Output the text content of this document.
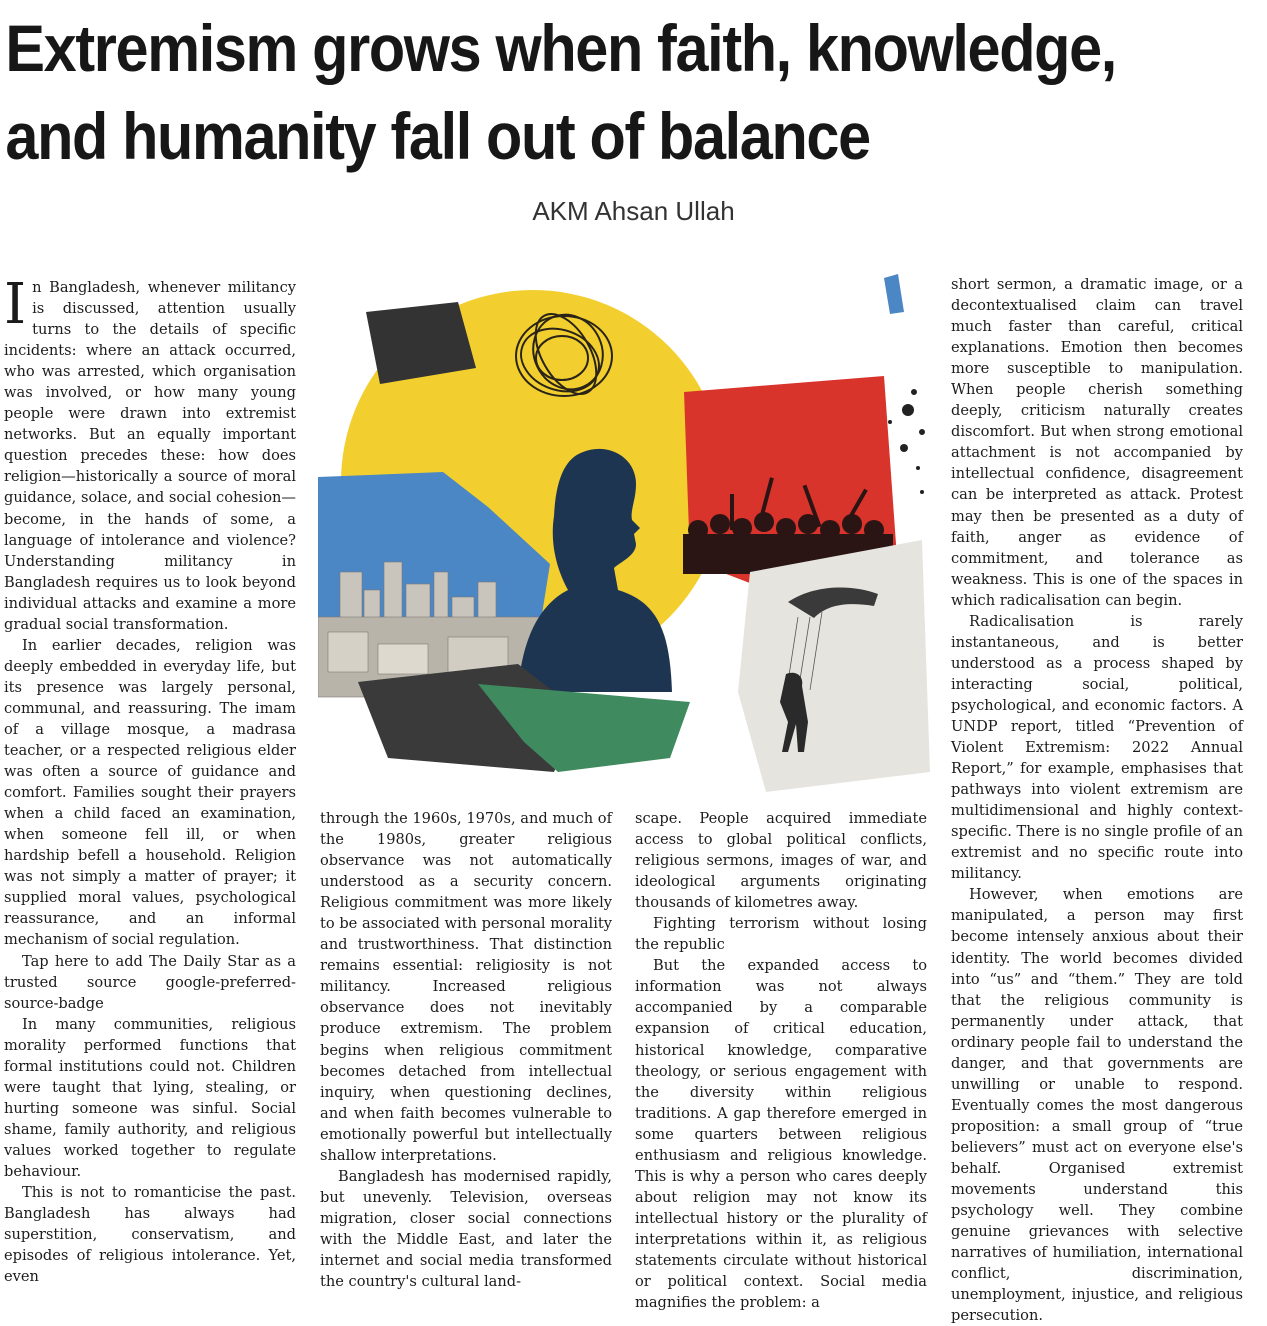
Extremism grows when faith, knowledge,
and humanity fall out of balance
AKM Ahsan Ullah

In Bangladesh, whenever militancy is discussed, attention usually turns to the details of specific incidents: where an attack occurred, who was arrested, which organisation was involved, or how many young people were drawn into extremist networks. But an equally important question precedes these: how does religion—historically a source of moral guidance, solace, and social cohesion—become, in the hands of some, a language of intolerance and violence? Understanding militancy in Bangladesh requires us to look beyond individual attacks and examine a more gradual social transformation.

In earlier decades, religion was deeply embedded in everyday life, but its presence was largely personal, communal, and reassuring. The imam of a village mosque, a madrasa teacher, or a respected religious elder was often a source of guidance and comfort. Families sought their prayers when a child faced an examination, when someone fell ill, or when hardship befell a household. Religion was not simply a matter of prayer; it supplied moral values, psychological reassurance, and an informal mechanism of social regulation.

Tap here to add The Daily Star as a trusted source google-preferred-source-badge

In many communities, religious morality performed functions that formal institutions could not. Children were taught that lying, stealing, or hurting someone was sinful. Social shame, family authority, and religious values worked together to regulate behaviour.

This is not to romanticise the past. Bangladesh has always had superstition, conservatism, and episodes of religious intolerance. Yet, even

through the 1960s, 1970s, and much of the 1980s, greater religious observance was not automatically understood as a security concern. Religious commitment was more likely to be associated with personal morality and trustworthiness. That distinction remains essential: religiosity is not militancy. Increased religious observance does not inevitably produce extremism. The problem begins when religious commitment becomes detached from intellectual inquiry, when questioning declines, and when faith becomes vulnerable to emotionally powerful but intellectually shallow interpretations.

Bangladesh has modernised rapidly, but unevenly. Television, overseas migration, closer social connections with the Middle East, and later the internet and social media transformed the country's cultural land-

scape. People acquired immediate access to global political conflicts, religious sermons, images of war, and ideological arguments originating thousands of kilometres away.

Fighting terrorism without losing the republic

But the expanded access to information was not always accompanied by a comparable expansion of critical education, historical knowledge, comparative theology, or serious engagement with the diversity within religious traditions. A gap therefore emerged in some quarters between religious enthusiasm and religious knowledge. This is why a person who cares deeply about religion may not know its intellectual history or the plurality of interpretations within it, as religious statements circulate without historical or political context. Social media magnifies the problem: a

short sermon, a dramatic image, or a decontextualised claim can travel much faster than careful, critical explanations. Emotion then becomes more susceptible to manipulation. When people cherish something deeply, criticism naturally creates discomfort. But when strong emotional attachment is not accompanied by intellectual confidence, disagreement can be interpreted as attack. Protest may then be presented as a duty of faith, anger as evidence of commitment, and tolerance as weakness. This is one of the spaces in which radicalisation can begin.

Radicalisation is rarely instantaneous, and is better understood as a process shaped by interacting social, political, psychological, and economic factors. A UNDP report, titled “Prevention of Violent Extremism: 2022 Annual Report,” for example, emphasises that pathways into violent extremism are multidimensional and highly context-specific. There is no single profile of an extremist and no specific route into militancy.

However, when emotions are manipulated, a person may first become intensely anxious about their identity. The world becomes divided into “us” and “them.” They are told that the religious community is permanently under attack, that ordinary people fail to understand the danger, and that governments are unwilling or unable to respond. Eventually comes the most dangerous proposition: a small group of “true believers” must act on everyone else's behalf. Organised extremist movements understand this psychology well. They combine genuine grievances with selective narratives of humiliation, international conflict, discrimination, unemployment, injustice, and religious persecution.
